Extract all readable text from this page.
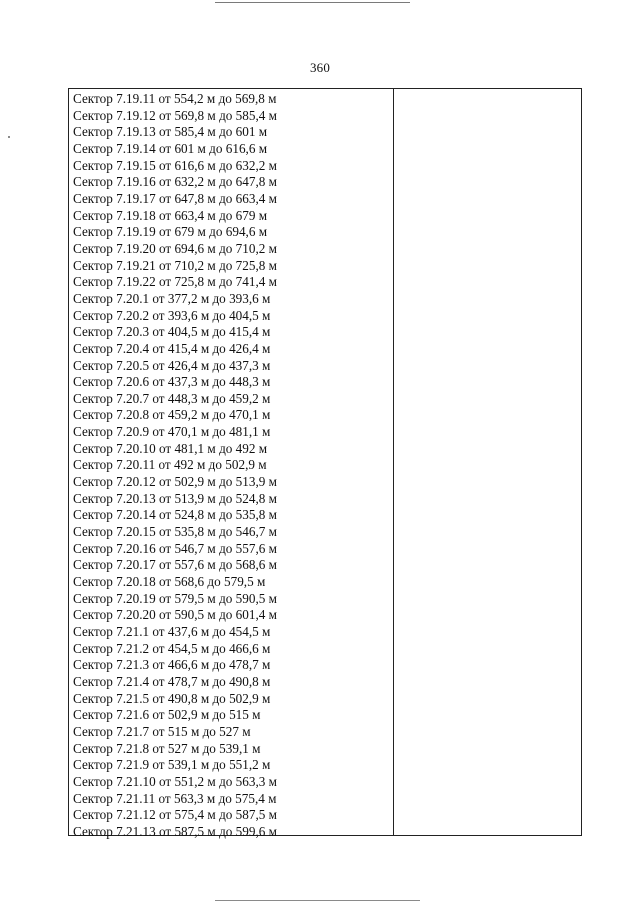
360
Сектор 7.19.11 от 554,2 м до 569,8 м
Сектор 7.19.12 от 569,8 м до 585,4 м
Сектор 7.19.13 от 585,4 м до 601 м
Сектор 7.19.14 от 601 м до 616,6 м
Сектор 7.19.15 от 616,6 м до 632,2 м
Сектор 7.19.16 от 632,2 м до 647,8 м
Сектор 7.19.17 от 647,8 м до 663,4 м
Сектор 7.19.18 от 663,4 м до 679 м
Сектор 7.19.19 от 679 м до 694,6 м
Сектор 7.19.20 от 694,6 м до 710,2 м
Сектор 7.19.21 от 710,2 м до 725,8 м
Сектор 7.19.22 от 725,8 м до 741,4 м
Сектор 7.20.1 от 377,2 м до 393,6 м
Сектор 7.20.2 от 393,6 м до 404,5 м
Сектор 7.20.3 от 404,5 м до 415,4 м
Сектор 7.20.4 от 415,4 м до 426,4 м
Сектор 7.20.5 от 426,4 м до 437,3 м
Сектор 7.20.6 от 437,3 м до 448,3 м
Сектор 7.20.7 от 448,3 м до 459,2 м
Сектор 7.20.8 от 459,2 м до 470,1 м
Сектор 7.20.9 от 470,1 м до 481,1 м
Сектор 7.20.10 от 481,1 м до 492 м
Сектор 7.20.11 от 492 м до 502,9 м
Сектор 7.20.12 от 502,9 м до 513,9 м
Сектор 7.20.13 от 513,9 м до 524,8 м
Сектор 7.20.14 от 524,8 м до 535,8 м
Сектор 7.20.15 от 535,8 м до 546,7 м
Сектор 7.20.16 от 546,7 м до 557,6 м
Сектор 7.20.17 от 557,6 м до 568,6 м
Сектор 7.20.18 от 568,6 до 579,5 м
Сектор 7.20.19 от 579,5 м до 590,5 м
Сектор 7.20.20 от 590,5 м до 601,4 м
Сектор 7.21.1 от 437,6 м до 454,5 м
Сектор 7.21.2 от 454,5 м до 466,6 м
Сектор 7.21.3 от 466,6 м до 478,7 м
Сектор 7.21.4 от 478,7 м до 490,8 м
Сектор 7.21.5 от 490,8 м до 502,9 м
Сектор 7.21.6 от 502,9 м до 515 м
Сектор 7.21.7 от 515 м до 527 м
Сектор 7.21.8 от 527 м до 539,1 м
Сектор 7.21.9 от 539,1 м до 551,2 м
Сектор 7.21.10 от 551,2 м до 563,3 м
Сектор 7.21.11 от 563,3 м до 575,4 м
Сектор 7.21.12 от 575,4 м до 587,5 м
Сектор 7.21.13 от 587,5 м до 599,6 м
